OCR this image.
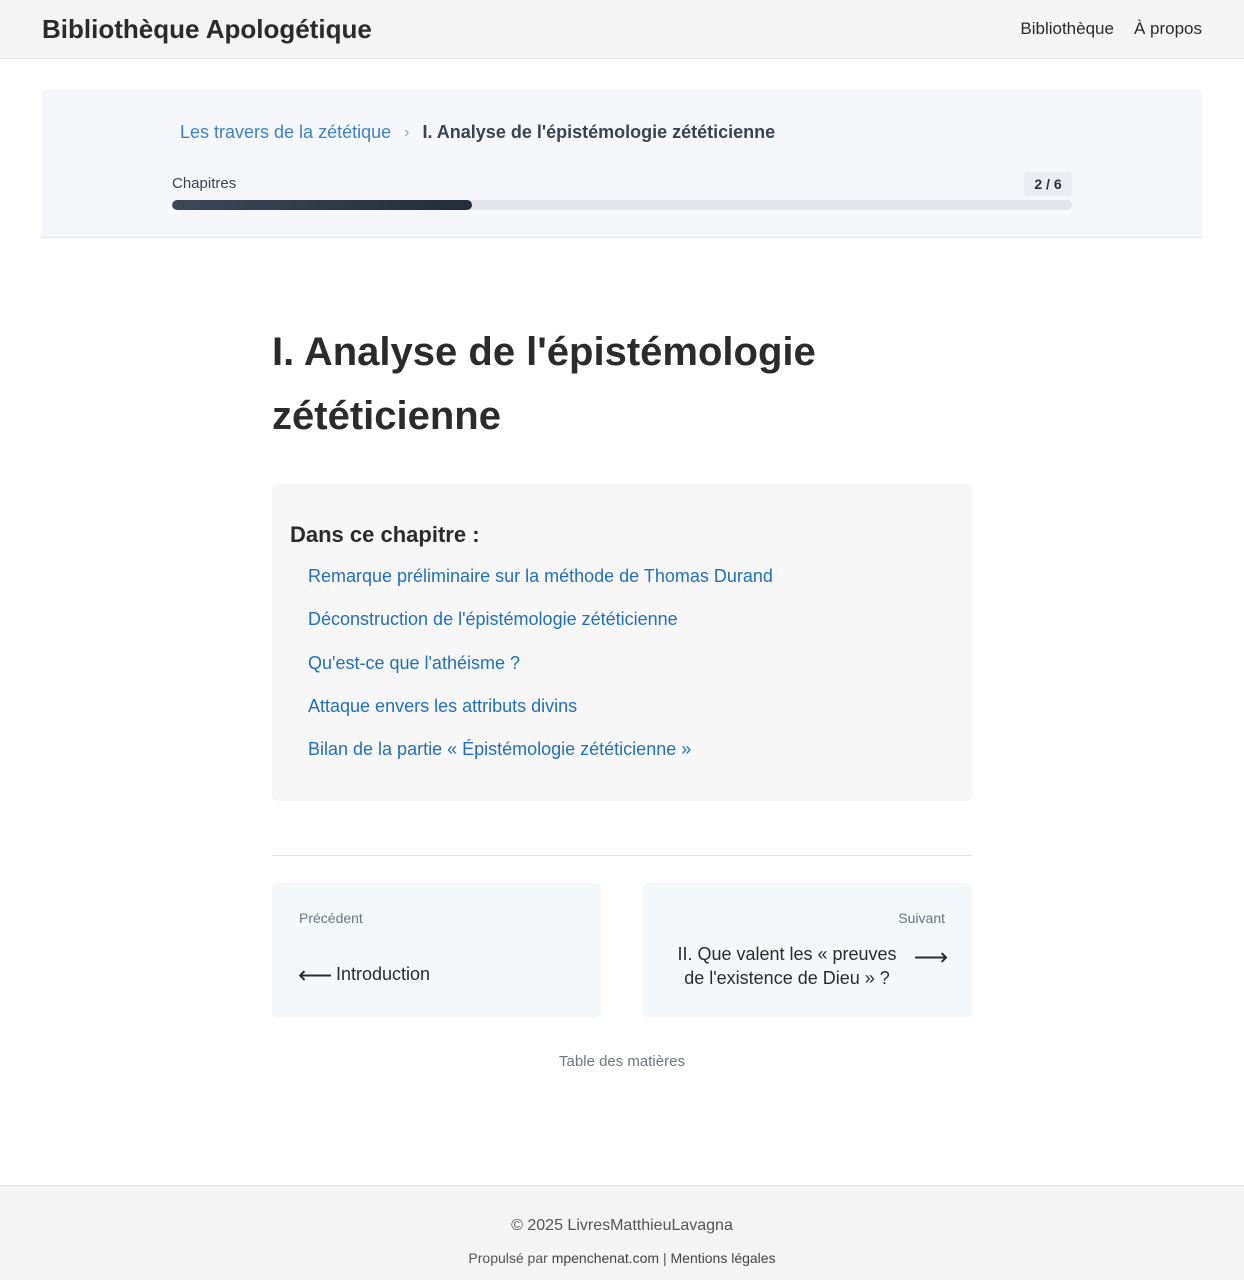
Bibliothèque Apologétique	Bibliothèque À propos
Les travers de la zététique › I. Analyse de l'épistémologie zététicienne
Chapitres	2 / 6
I. Analyse de l'épistémologie zététicienne
Dans ce chapitre :
Remarque préliminaire sur la méthode de Thomas Durand
Déconstruction de l'épistémologie zététicienne
Qu'est-ce que l'athéisme ?
Attaque envers les attributs divins
Bilan de la partie « Épistémologie zététicienne »
Précédent
⟵ Introduction
Suivant
II. Que valent les « preuves de l'existence de Dieu » ?
⟶
Table des matières
© 2025 LivresMatthieuLavagna
Propulsé par mpenchenat.com | Mentions légales
